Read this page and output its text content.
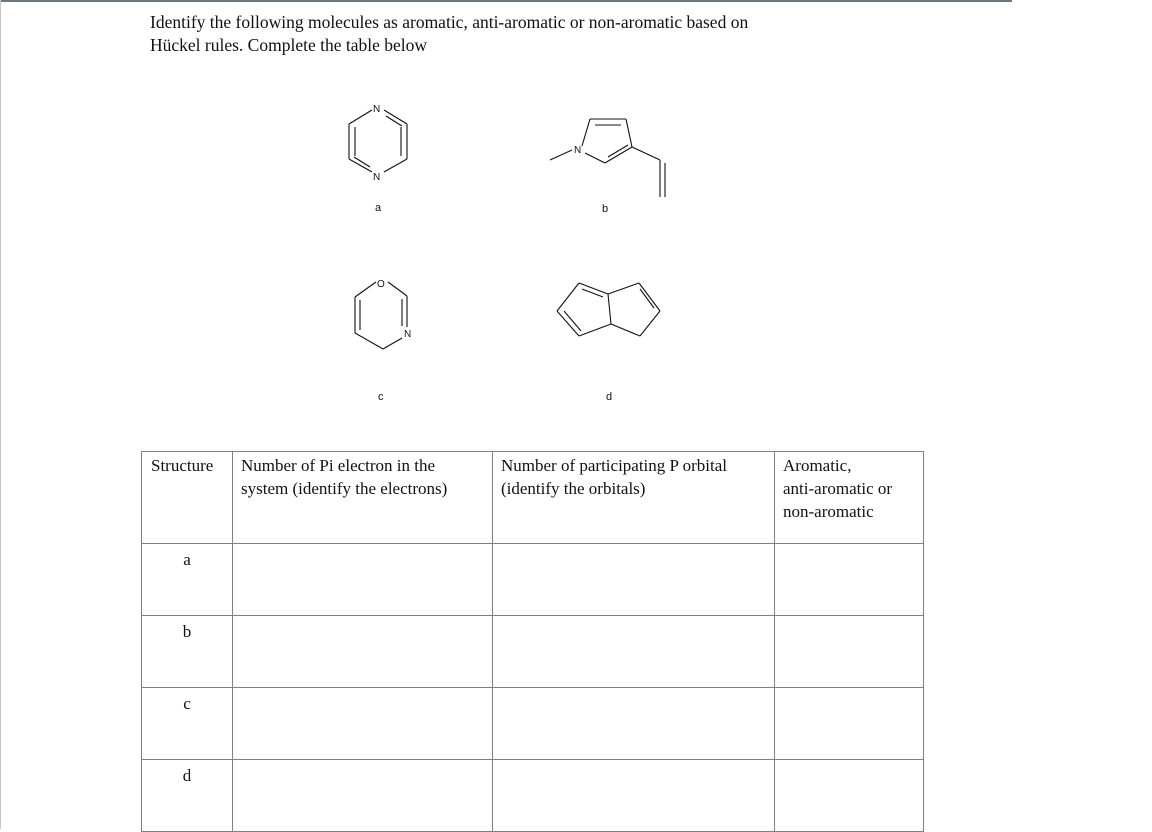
Identify the following molecules as aromatic, anti-aromatic or non-aromatic based on

Hückel rules. Complete the table below

N
N
a
N
b
O
N
c	d
Structure	Number of Pi electron in the system (identify the electrons)	Number of participating P orbital (identify the orbitals)	Aromatic,
anti-aromatic or
non-aromatic

a			
b			
c			
d			
